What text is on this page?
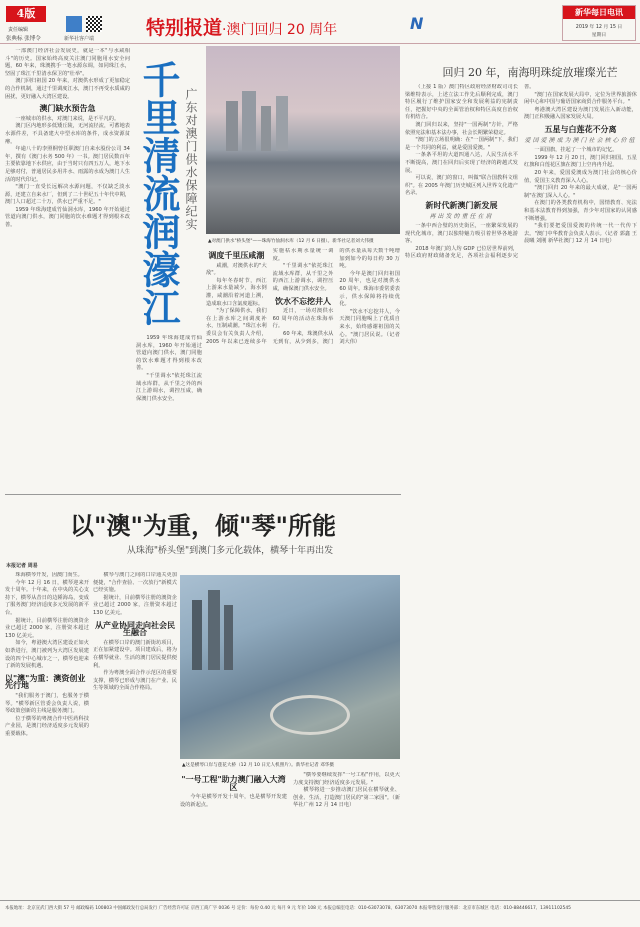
4版
责任编辑
张典标 张博令	新华社客户端	特别报道·澳门回归 20 周年	N
新华每日电讯
2019 年 12 月 15 日
星期日

一部澳门经济社会发展史，就是一本"与水咸相斗"的历史。国家始终高度关注澳门同胞用水安全问题，60 年来，珠澳携手一笔水源东调，如同珠江水，坚固了珠江千里清水保卫的"壮举"。

澳门回归祖国 20 年来，对澳供水形成了更加稳定的合作机制，通过千里调度江水，澳门不再受水质咸的困扰，更好融入大湾区建设。

澳门缺水预告急

一座城市的供水，对澳门来说，是不平凡的。

澳门区内地形多低矮丘陵，无河流径流，可蓄地表水源件差，不具备建大中型水库的条件，成水资源贫瘠。

年逾八十的李照桐曾任职澳门自来水股份公司 34 年，撰有《澳门水务 500 年》一书。澳门居民数百年主要依靠地下水供应，由于当时只有四五万人，地下水足够对付，普通居民多用井水、雨露的水成为澳门人生活的时代印记。

"澳门一直受长远解决水源问题，不仅缺乏淡水源，还建立自来水厂，但到了二十世纪五十年代中期，澳门人口超过二十万，供水已严重不足。"

1959 年珠海建成竹仙洞水库，1960 年开始通过管道向澳门供水，澳门同胞的饮水难题才得到根本改善。	千里清流润濠江 广东对澳门供水保障纪实
▲对澳门供水"桥头堡"——珠海竹仙洞水库（12 月 6 日摄）。新华社记者刘大伟摄
调度千里压咸潮

咸潮，对澳供水的"大敌"。

每年冬春时节，西江上游来水量减少，海水倒灌，咸潮沿着河道上溯，造成取水口含氯度超标。

"为了保障供水，我们在上游水库之间调度补水，压制咸潮。"珠江水利委员会有关负责人介绍，2005 年以来已连续多年实施枯水期水量统一调度。

"千里调水"依托珠江流域水库群，从千里之外的西江上游调水，调控压咸，确保澳门供水安全。

饮水不忘挖井人

近日，一场对澳供水 60 周年的活动在珠海举行。

60 年来，珠澳供水从无到有，从少到多，澳门的供水量从每天数千吨增加到如今的每日约 30 万吨。

今年是澳门回归祖国 20 周年，也是对澳供水 60 周年。珠海市委常委表示，供水保障将持续优化。

"饮水不忘挖井人，今天澳门同胞喝上了优质自来水，始终感谢祖国的关心。"澳门居民说。（记者 刘大伟）

1959 年珠海建成竹仙洞水库，1960 年开始通过管道向澳门供水，澳门同胞的饮水难题才得到根本改善。

"千里调水"依托珠江流域水库群，从千里之外的西江上游调水，调控压咸，确保澳门供水安全。

回归 20 年，南海明珠绽放璀璨光芒

（上接 1 版）澳门特区政府经济财政司司长梁维特表示，上述立法工作先后顺利完成，澳门特区履行了维护国家安全和发展利益的宪制责任，把握好中央的全面管治权和特区高度自治权有机结合。

澳门回归以来，坚持"一国两制"方针，严格依照宪法和基本法办事，社会长期繁荣稳定。

"澳门的立场很明确：在"一国两制"下，我们是一个共同的利益，就是爱国爱澳。"

一条条平坦的大道四通八达，人民生活水平不断提高，澳门在回归后实现了经济的跨越式发展。

可以说，澳门的窗口，叫做"联合国教科文组织"。在 2005 年澳门历史城区列入世界文化遗产名录。

新时代新澳门新发展
再出发的重任在肩

一条中西合璧的历史街区，一座繁荣发展的现代化城市，澳门以独特魅力吸引着世界各地游客。

2018 年澳门的人均 GDP 已位居世界前列，特区政府财政储备充足，各项社会福利逐步完善。

"澳门在国家发展大局中，定位为世界旅游休闲中心和中国与葡语国家商贸合作服务平台。"

粤港澳大湾区建设为澳门发展注入新动能，澳门正积极融入国家发展大局。

五星与白莲花不分离
爱国爱澳成为澳门社会核心价值

一面国旗，挂起了一个城市的记忆。

1999 年 12 月 20 日，澳门回归祖国。五星红旗和白莲花区旗在澳门上空冉冉升起。

20 年来，爱国爱澳成为澳门社会的核心价值，爱国主义教育深入人心。

"澳门回归 20 年来的最大成就，是"一国两制"在澳门深入人心。"

在澳门的各类教育机构中，国情教育、宪法和基本法教育得到加强，青少年对国家的认同感不断增强。

"我们要把爱国爱澳的传统一代一代传下去。"澳门中华教育会负责人表示。（记者 郭鑫 王晨曦 刘刚 新华社澳门 12 月 14 日电）

以"澳"为重，倾"琴"所能
从珠海"桥头堡"到澳门多元化载体，横琴十年再出发
本报记者 周易
▲这是横琴口岸与莲花大桥（12 月 10 日无人机照片）。新华社记者 邓华摄

珠海横琴开发，因澳门而生。

今年 12 月 16 日，横琴迎来开发十周年。十年来，在中央的关心支持下，横琴从昔日的边陲海岛，变成了服务澳门经济适度多元发展的新平台。

据统计，目前横琴注册的澳资企业已超过 2000 家，注册资本超过 130 亿美元。

如今，粤港澳大湾区建设正如火如荼进行，澳门被列为大湾区发展建设的四个中心城市之一，横琴也迎来了新的发展机遇。

以"澳"为重：澳资创业先行地

"我们服务于澳门，也服务于横琴。"横琴新区管委会负责人说，横琴政策创新的主线是服务澳门。

位于横琴的粤澳合作中医药科技产业园，是澳门经济适度多元发展的重要载体。

横琴与澳门之间的口岸通关更加便捷，"合作查验、一次放行"新模式已经实施。

据统计，目前横琴注册的澳资企业已超过 2000 家，注册资本超过 130 亿美元。

从产业协同走向社会民生融合

在横琴口岸的澳门新街坊项目，正在加紧建设中。项目建成后，将为在横琴就业、生活的澳门居民提供便利。

作为粤澳全面合作示范区的重要支撑，横琴已形成与澳门在产业、民生等领域的全面合作格局。

"一号工程"助力澳门融入大湾区

今年是横琴开发十周年，也是横琴开发建设的新起点。

"横琴要继续发挥"一号工程"作用，以更大力度支持澳门经济适度多元发展。"

横琴将进一步推动澳门居民在横琴就业、创业、生活，打造澳门居民的"第二家园"。（新华社广州 12 月 14 日电）

本报地址：北京宣武门西大街 57 号 邮政编码 100803 中国邮政发行总局发行 广告经营许可证 京西工商广字 0036 号 定价：每份 0.40 元 每月 9 元 年价 108 元 本报总编室电话：010-63073078、63073070 本报零售发行服务部：北京市东城区 电话：010-88446617、13911102545
